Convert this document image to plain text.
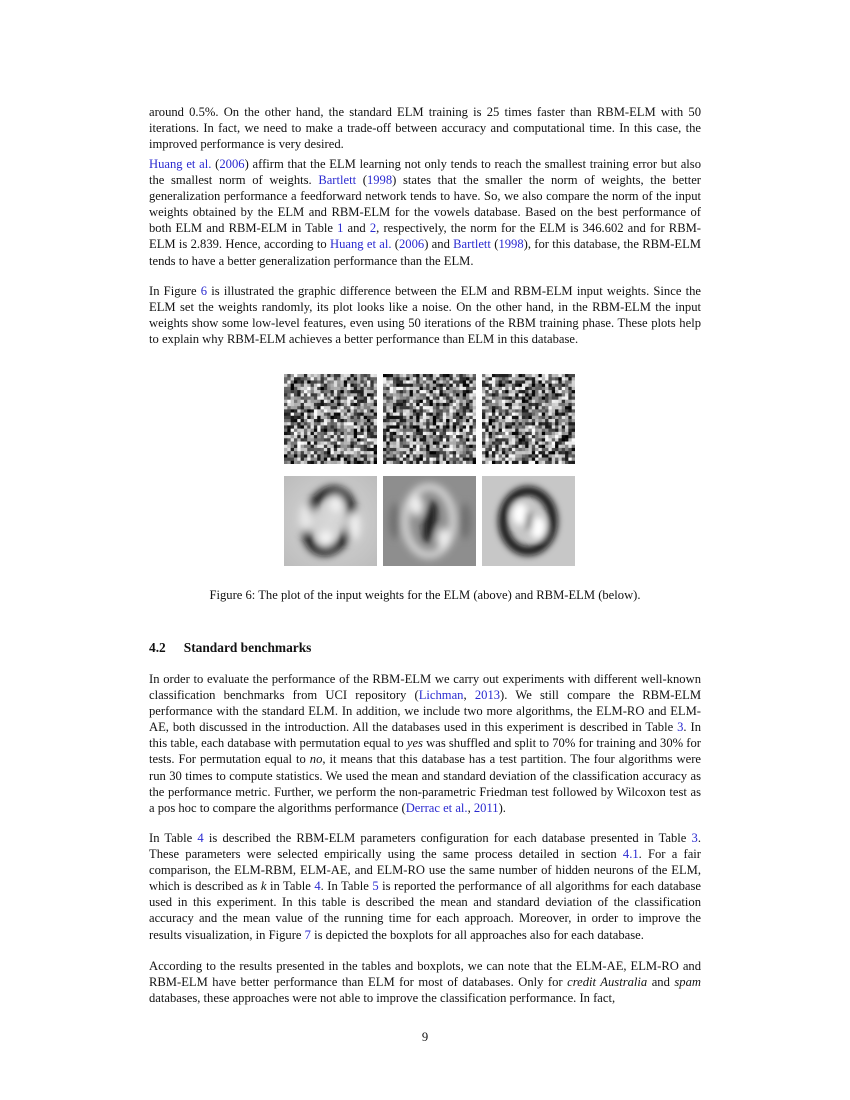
around 0.5%. On the other hand, the standard ELM training is 25 times faster than RBM-ELM with 50 iterations. In fact, we need to make a trade-off between accuracy and computational time. In this case, the improved performance is very desired.

Huang et al. (2006) affirm that the ELM learning not only tends to reach the smallest training error but also the smallest norm of weights. Bartlett (1998) states that the smaller the norm of weights, the better generalization performance a feedforward network tends to have. So, we also compare the norm of the input weights obtained by the ELM and RBM-ELM for the vowels database. Based on the best performance of both ELM and RBM-ELM in Table 1 and 2, respectively, the norm for the ELM is 346.602 and for RBM-ELM is 2.839. Hence, according to Huang et al. (2006) and Bartlett (1998), for this database, the RBM-ELM tends to have a better generalization performance than the ELM.

In Figure 6 is illustrated the graphic difference between the ELM and RBM-ELM input weights. Since the ELM set the weights randomly, its plot looks like a noise. On the other hand, in the RBM-ELM the input weights show some low-level features, even using 50 iterations of the RBM training phase. These plots help to explain why RBM-ELM achieves a better performance than ELM in this database.

Figure 6: The plot of the input weights for the ELM (above) and RBM-ELM (below).
4.2 Standard benchmarks

In order to evaluate the performance of the RBM-ELM we carry out experiments with different well-known classification benchmarks from UCI repository (Lichman, 2013). We still compare the RBM-ELM performance with the standard ELM. In addition, we include two more algorithms, the ELM-RO and ELM-AE, both discussed in the introduction. All the databases used in this experiment is described in Table 3. In this table, each database with permutation equal to yes was shuffled and split to 70% for training and 30% for tests. For permutation equal to no, it means that this database has a test partition. The four algorithms were run 30 times to compute statistics. We used the mean and standard deviation of the classification accuracy as the performance metric. Further, we perform the non-parametric Friedman test followed by Wilcoxon test as a pos hoc to compare the algorithms performance (Derrac et al., 2011).

In Table 4 is described the RBM-ELM parameters configuration for each database presented in Table 3. These parameters were selected empirically using the same process detailed in section 4.1. For a fair comparison, the ELM-RBM, ELM-AE, and ELM-RO use the same number of hidden neurons of the ELM, which is described as k in Table 4. In Table 5 is reported the performance of all algorithms for each database used in this experiment. In this table is described the mean and standard deviation of the classification accuracy and the mean value of the running time for each approach. Moreover, in order to improve the results visualization, in Figure 7 is depicted the boxplots for all approaches also for each database.

According to the results presented in the tables and boxplots, we can note that the ELM-AE, ELM-RO and RBM-ELM have better performance than ELM for most of databases. Only for credit Australia and spam databases, these approaches were not able to improve the classification performance. In fact,

9
